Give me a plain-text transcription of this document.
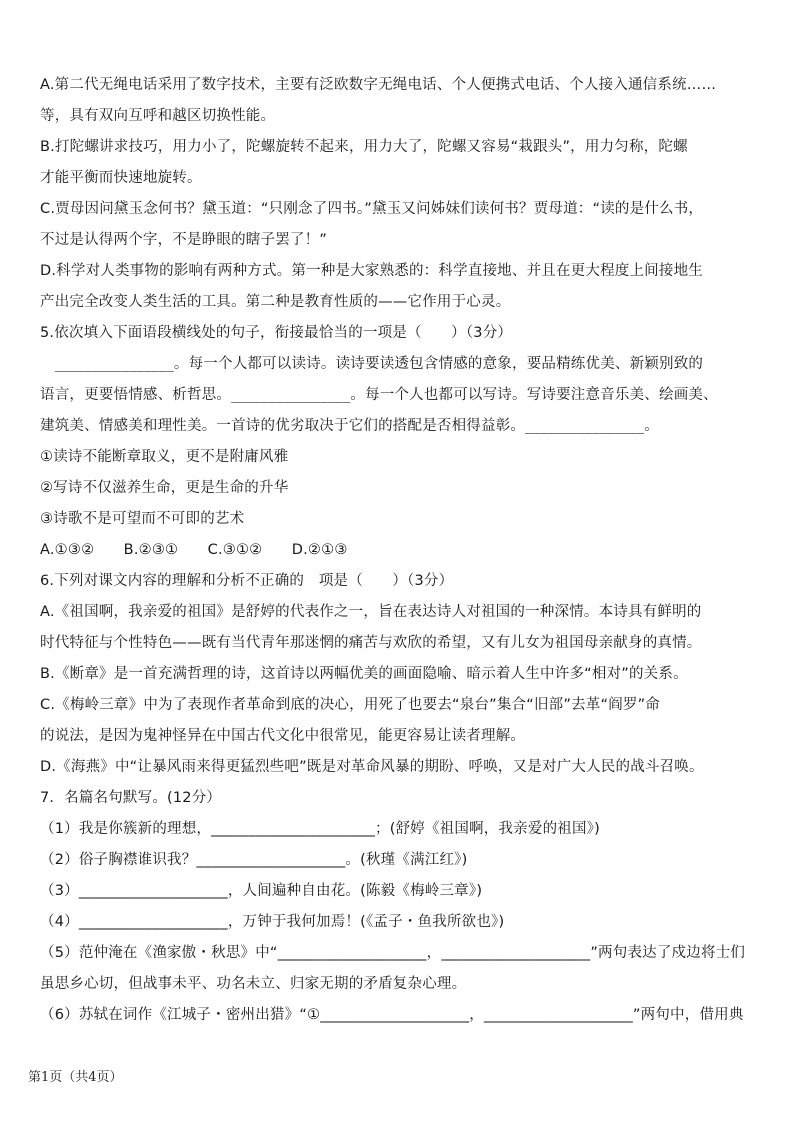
A.第二代无绳电话采用了数字技术，主要有泛欧数字无绳电话、个人便携式电话、个人接入通信系统……
等，具有双向互呼和越区切换性能。
B.打陀螺讲求技巧，用力小了，陀螺旋转不起来，用力大了，陀螺又容易“栽跟头”，用力匀称，陀螺
才能平衡而快速地旋转。
C.贾母因问黛玉念何书？黛玉道：“只刚念了四书。”黛玉又问姊妹们读何书？贾母道：“读的是什么书，
不过是认得两个字，不是睁眼的瞎子罢了！”
D.科学对人类事物的影响有两种方式。第一种是大家熟悉的：科学直接地、并且在更大程度上间接地生
产出完全改变人类生活的工具。第二种是教育性质的——它作用于心灵。
5.依次填入下面语段横线处的句子，衔接最恰当的一项是（　　）（3分）
　________________。每一个人都可以读诗。读诗要读透包含情感的意象，要品精练优美、新颖别致的
语言，更要悟情感、析哲思。________________。每一个人也都可以写诗。写诗要注意音乐美、绘画美、
建筑美、情感美和理性美。一首诗的优劣取决于它们的搭配是否相得益彰。________________。
①读诗不能断章取义，更不是附庸风雅
②写诗不仅滋养生命，更是生命的升华
③诗歌不是可望而不可即的艺术
A.①③②　　B.②③①　　C.③①②　　D.②①③
6.下列对课文内容的理解和分析不正确的　项是（　　）（3分）
A.《祖国啊，我亲爱的祖国》是舒婷的代表作之一，旨在表达诗人对祖国的一种深情。本诗具有鲜明的
时代特征与个性特色——既有当代青年那迷惘的痛苦与欢欣的希望，又有儿女为祖国母亲献身的真情。
B.《断章》是一首充满哲理的诗，这首诗以两幅优美的画面隐喻、暗示着人生中许多“相对”的关系。
C.《梅岭三章》中为了表现作者革命到底的决心，用死了也要去“泉台”集合“旧部”去革“阎罗”命
的说法，是因为鬼神怪异在中国古代文化中很常见，能更容易让读者理解。
D.《海燕》中“让暴风雨来得更猛烈些吧”既是对革命风暴的期盼、呼唤，又是对广大人民的战斗召唤。
7．名篇名句默写。(12分）
（1）我是你簇新的理想，______________________；(舒婷《祖国啊，我亲爱的祖国》)
（2）俗子胸襟谁识我？____________________。(秋瑾《满江红》)
（3）____________________，人间遍种自由花。(陈毅《梅岭三章》)
（4）____________________，万钟于我何加焉！(《孟子・鱼我所欲也》)
（5）范仲淹在《渔家傲・秋思》中“____________________，____________________”两句表达了戍边将士们
虽思乡心切，但战事未平、功名未立、归家无期的矛盾复杂心理。
（6）苏轼在词作《江城子・密州出猎》“①____________________，____________________”两句中，借用典
第1页（共4页）
